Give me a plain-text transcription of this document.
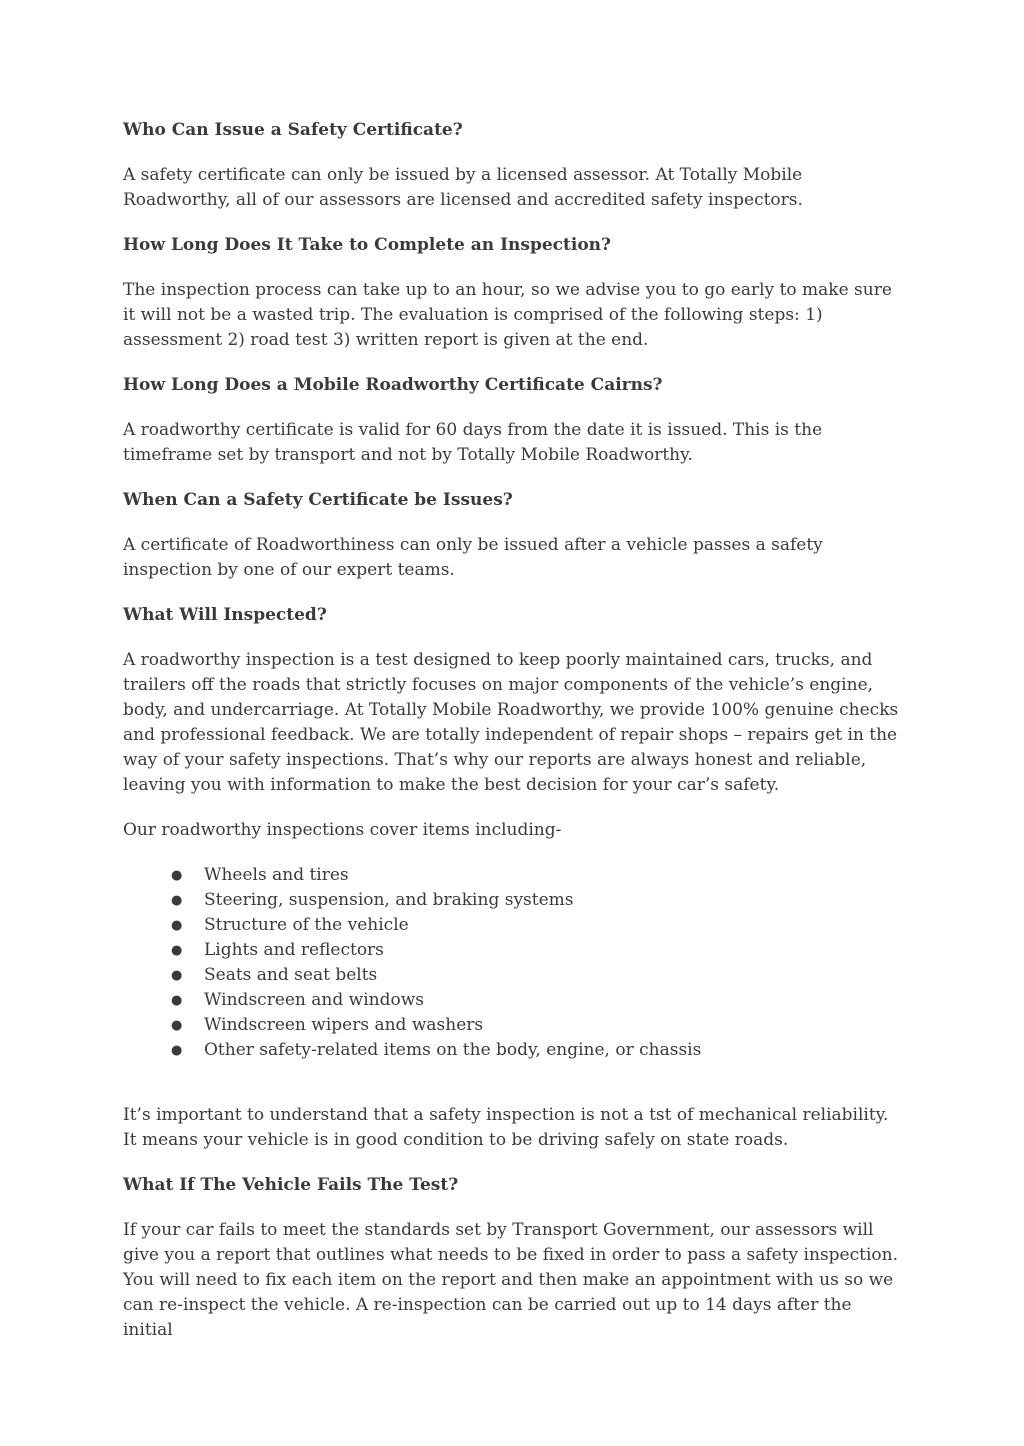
Who Can Issue a Safety Certificate?
A safety certificate can only be issued by a licensed assessor. At Totally Mobile Roadworthy, all of our assessors are licensed and accredited safety inspectors.
How Long Does It Take to Complete an Inspection?
The inspection process can take up to an hour, so we advise you to go early to make sure it will not be a wasted trip. The evaluation is comprised of the following steps: 1) assessment 2) road test 3) written report is given at the end.
How Long Does a Mobile Roadworthy Certificate Cairns?
A roadworthy certificate is valid for 60 days from the date it is issued. This is the timeframe set by transport and not by Totally Mobile Roadworthy.
When Can a Safety Certificate be Issues?
A certificate of Roadworthiness can only be issued after a vehicle passes a safety inspection by one of our expert teams.
What Will Inspected?
A roadworthy inspection is a test designed to keep poorly maintained cars, trucks, and trailers off the roads that strictly focuses on major components of the vehicle’s engine, body, and undercarriage. At Totally Mobile Roadworthy, we provide 100% genuine checks and professional feedback. We are totally independent of repair shops – repairs get in the way of your safety inspections. That’s why our reports are always honest and reliable, leaving you with information to make the best decision for your car’s safety.
Our roadworthy inspections cover items including-
● Wheels and tires
● Steering, suspension, and braking systems
● Structure of the vehicle
● Lights and reflectors
● Seats and seat belts
● Windscreen and windows
● Windscreen wipers and washers
● Other safety-related items on the body, engine, or chassis
It’s important to understand that a safety inspection is not a tst of mechanical reliability. It means your vehicle is in good condition to be driving safely on state roads.
What If The Vehicle Fails The Test?
If your car fails to meet the standards set by Transport Government, our assessors will give you a report that outlines what needs to be fixed in order to pass a safety inspection. You will need to fix each item on the report and then make an appointment with us so we can re-inspect the vehicle. A re-inspection can be carried out up to 14 days after the initial
